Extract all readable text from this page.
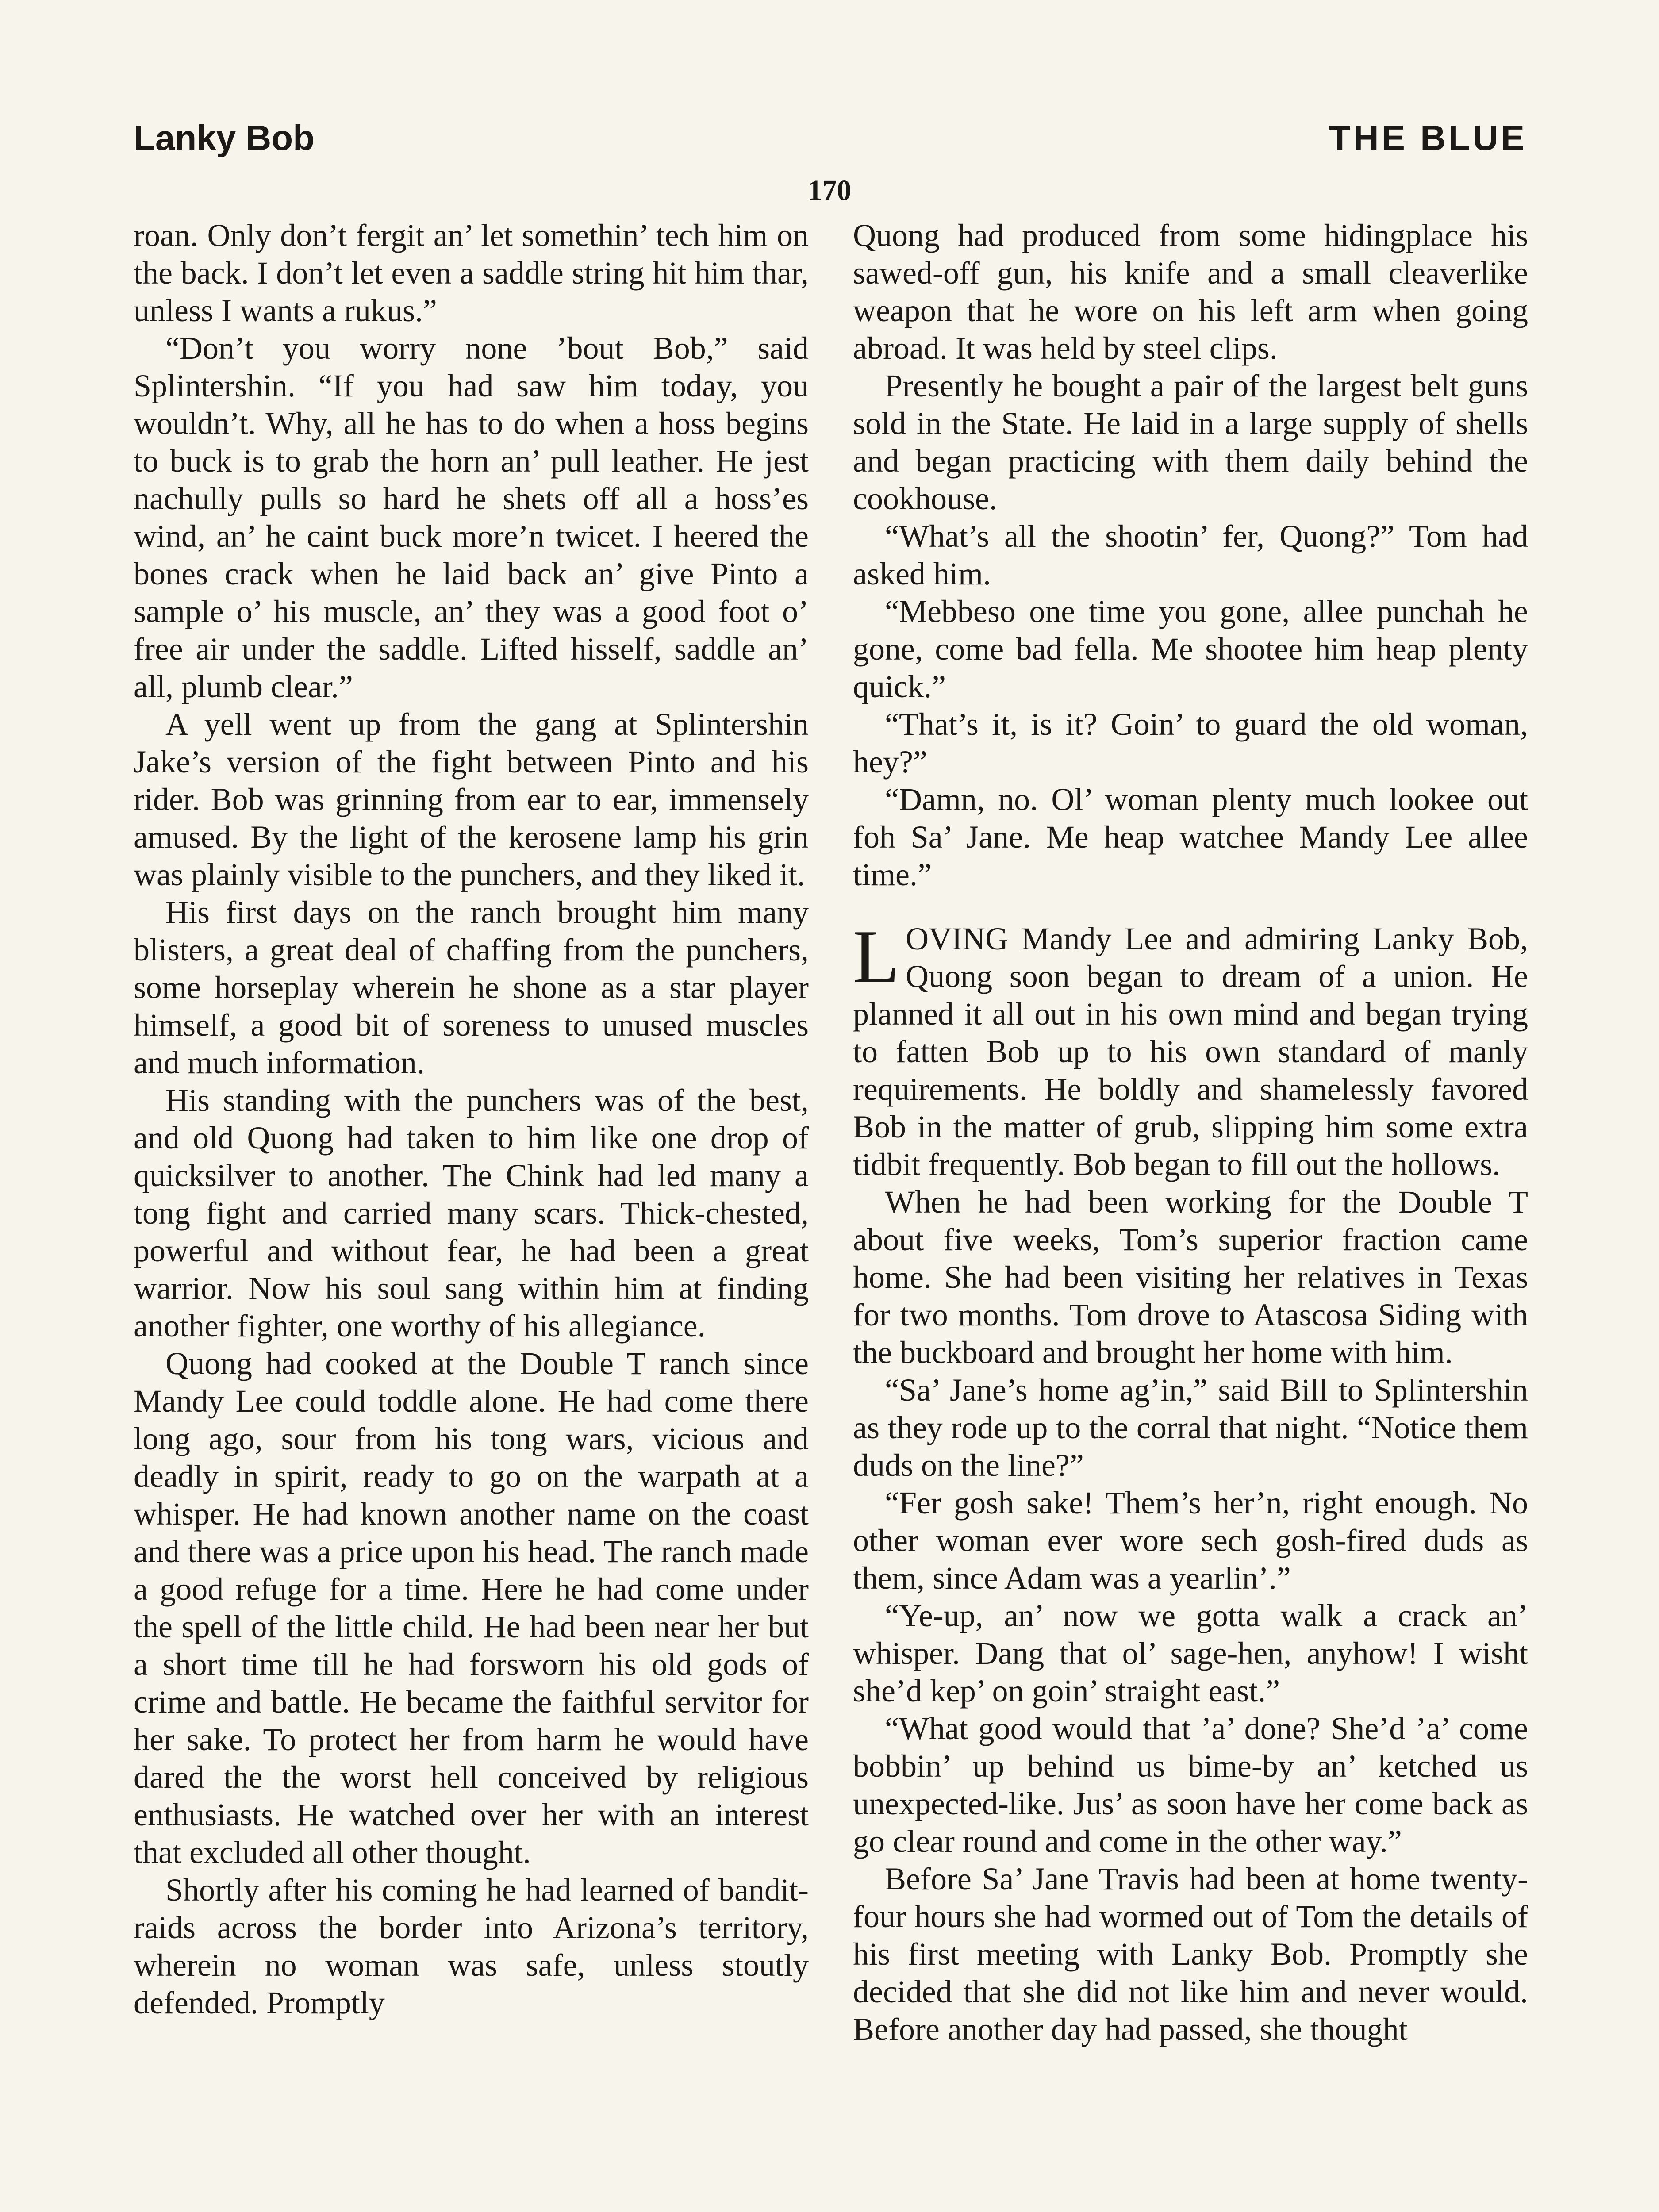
Lanky Bob	THE BLUE
170

roan. Only don’t fergit an’ let somethin’ tech him on the back. I don’t let even a saddle string hit him thar, unless I wants a rukus.”

“Don’t you worry none ’bout Bob,” said Splintershin. “If you had saw him today, you wouldn’t. Why, all he has to do when a hoss begins to buck is to grab the horn an’ pull leather. He jest nachully pulls so hard he shets off all a hoss’es wind, an’ he caint buck more’n twicet. I heered the bones crack when he laid back an’ give Pinto a sample o’ his muscle, an’ they was a good foot o’ free air under the saddle. Lifted hisself, saddle an’ all, plumb clear.”

A yell went up from the gang at Splintershin Jake’s version of the fight between Pinto and his rider. Bob was grinning from ear to ear, immensely amused. By the light of the kerosene lamp his grin was plainly visible to the punchers, and they liked it.

His first days on the ranch brought him many blisters, a great deal of chaffing from the punchers, some horseplay wherein he shone as a star player himself, a good bit of soreness to unused muscles and much information.

His standing with the punchers was of the best, and old Quong had taken to him like one drop of quicksilver to another. The Chink had led many a tong fight and carried many scars. Thick-chested, powerful and without fear, he had been a great warrior. Now his soul sang within him at finding another fighter, one worthy of his allegiance.

Quong had cooked at the Double T ranch since Mandy Lee could toddle alone. He had come there long ago, sour from his tong wars, vicious and deadly in spirit, ready to go on the warpath at a whisper. He had known another name on the coast and there was a price upon his head. The ranch made a good refuge for a time. Here he had come under the spell of the little child. He had been near her but a short time till he had forsworn his old gods of crime and battle. He became the faithful servitor for her sake. To protect her from harm he would have dared the the worst hell conceived by religious enthusiasts. He watched over her with an interest that excluded all other thought.

Shortly after his coming he had learned of bandit-raids across the border into Arizona’s territory, wherein no woman was safe, unless stoutly defended. Promptly

Quong had produced from some hidingplace his sawed-off gun, his knife and a small cleaverlike weapon that he wore on his left arm when going abroad. It was held by steel clips.

Presently he bought a pair of the largest belt guns sold in the State. He laid in a large supply of shells and began practicing with them daily behind the cookhouse.

“What’s all the shootin’ fer, Quong?” Tom had asked him.

“Mebbeso one time you gone, allee punchah he gone, come bad fella. Me shootee him heap plenty quick.”

“That’s it, is it? Goin’ to guard the old woman, hey?”

“Damn, no. Ol’ woman plenty much lookee out foh Sa’ Jane. Me heap watchee Mandy Lee allee time.”

LOVING Mandy Lee and admiring Lanky Bob, Quong soon began to dream of a union. He planned it all out in his own mind and began trying to fatten Bob up to his own standard of manly requirements. He boldly and shamelessly favored Bob in the matter of grub, slipping him some extra tidbit frequently. Bob began to fill out the hollows.

When he had been working for the Double T about five weeks, Tom’s superior fraction came home. She had been visiting her relatives in Texas for two months. Tom drove to Atascosa Siding with the buckboard and brought her home with him.

“Sa’ Jane’s home ag’in,” said Bill to Splintershin as they rode up to the corral that night. “Notice them duds on the line?”

“Fer gosh sake! Them’s her’n, right enough. No other woman ever wore sech gosh-fired duds as them, since Adam was a yearlin’.”

“Ye-up, an’ now we gotta walk a crack an’ whisper. Dang that ol’ sage-hen, anyhow! I wisht she’d kep’ on goin’ straight east.”

“What good would that ’a’ done? She’d ’a’ come bobbin’ up behind us bime-by an’ ketched us unexpected-like. Jus’ as soon have her come back as go clear round and come in the other way.”

Before Sa’ Jane Travis had been at home twenty-four hours she had wormed out of Tom the details of his first meeting with Lanky Bob. Promptly she decided that she did not like him and never would. Before another day had passed, she thought
